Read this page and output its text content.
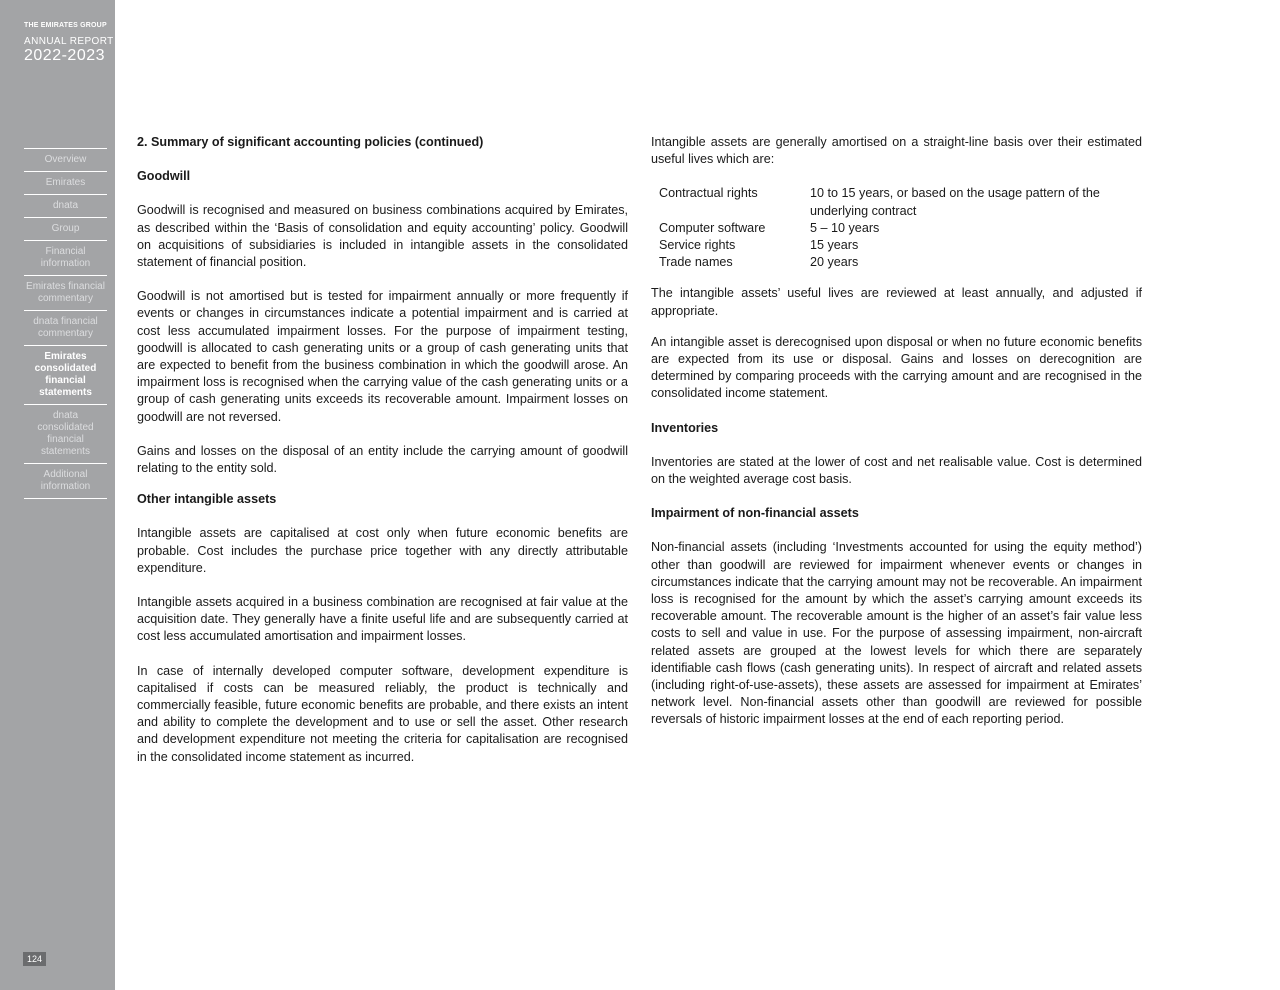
THE EMIRATES GROUP
ANNUAL REPORT
2022-2023
Overview
Emirates
dnata
Group
Financial information
Emirates financial commentary
dnata financial commentary
Emirates consolidated financial statements
dnata consolidated financial statements
Additional information
124
2. Summary of significant accounting policies (continued)
Goodwill

Goodwill is recognised and measured on business combinations acquired by Emirates, as described within the ‘Basis of consolidation and equity accounting’ policy. Goodwill on acquisitions of subsidiaries is included in intangible assets in the consolidated statement of financial position.

Goodwill is not amortised but is tested for impairment annually or more frequently if events or changes in circumstances indicate a potential impairment and is carried at cost less accumulated impairment losses. For the purpose of impairment testing, goodwill is allocated to cash generating units or a group of cash generating units that are expected to benefit from the business combination in which the goodwill arose. An impairment loss is recognised when the carrying value of the cash generating units or a group of cash generating units exceeds its recoverable amount. Impairment losses on goodwill are not reversed.

Gains and losses on the disposal of an entity include the carrying amount of goodwill relating to the entity sold.

Other intangible assets

Intangible assets are capitalised at cost only when future economic benefits are probable. Cost includes the purchase price together with any directly attributable expenditure.

Intangible assets acquired in a business combination are recognised at fair value at the acquisition date. They generally have a finite useful life and are subsequently carried at cost less accumulated amortisation and impairment losses.

In case of internally developed computer software, development expenditure is capitalised if costs can be measured reliably, the product is technically and commercially feasible, future economic benefits are probable, and there exists an intent and ability to complete the development and to use or sell the asset. Other research and development expenditure not meeting the criteria for capitalisation are recognised in the consolidated income statement as incurred.

Intangible assets are generally amortised on a straight-line basis over their estimated useful lives which are:

Contractual rights	10 to 15 years, or based on the usage pattern of the underlying contract
Computer software	5 – 10 years
Service rights	15 years
Trade names	20 years

The intangible assets’ useful lives are reviewed at least annually, and adjusted if appropriate.

An intangible asset is derecognised upon disposal or when no future economic benefits are expected from its use or disposal. Gains and losses on derecognition are determined by comparing proceeds with the carrying amount and are recognised in the consolidated income statement.

Inventories

Inventories are stated at the lower of cost and net realisable value. Cost is determined on the weighted average cost basis.

Impairment of non-financial assets

Non-financial assets (including ‘Investments accounted for using the equity method’) other than goodwill are reviewed for impairment whenever events or changes in circumstances indicate that the carrying amount may not be recoverable. An impairment loss is recognised for the amount by which the asset’s carrying amount exceeds its recoverable amount. The recoverable amount is the higher of an asset’s fair value less costs to sell and value in use. For the purpose of assessing impairment, non-aircraft related assets are grouped at the lowest levels for which there are separately identifiable cash flows (cash generating units). In respect of aircraft and related assets (including right-of-use-assets), these assets are assessed for impairment at Emirates’ network level. Non-financial assets other than goodwill are reviewed for possible reversals of historic impairment losses at the end of each reporting period.
